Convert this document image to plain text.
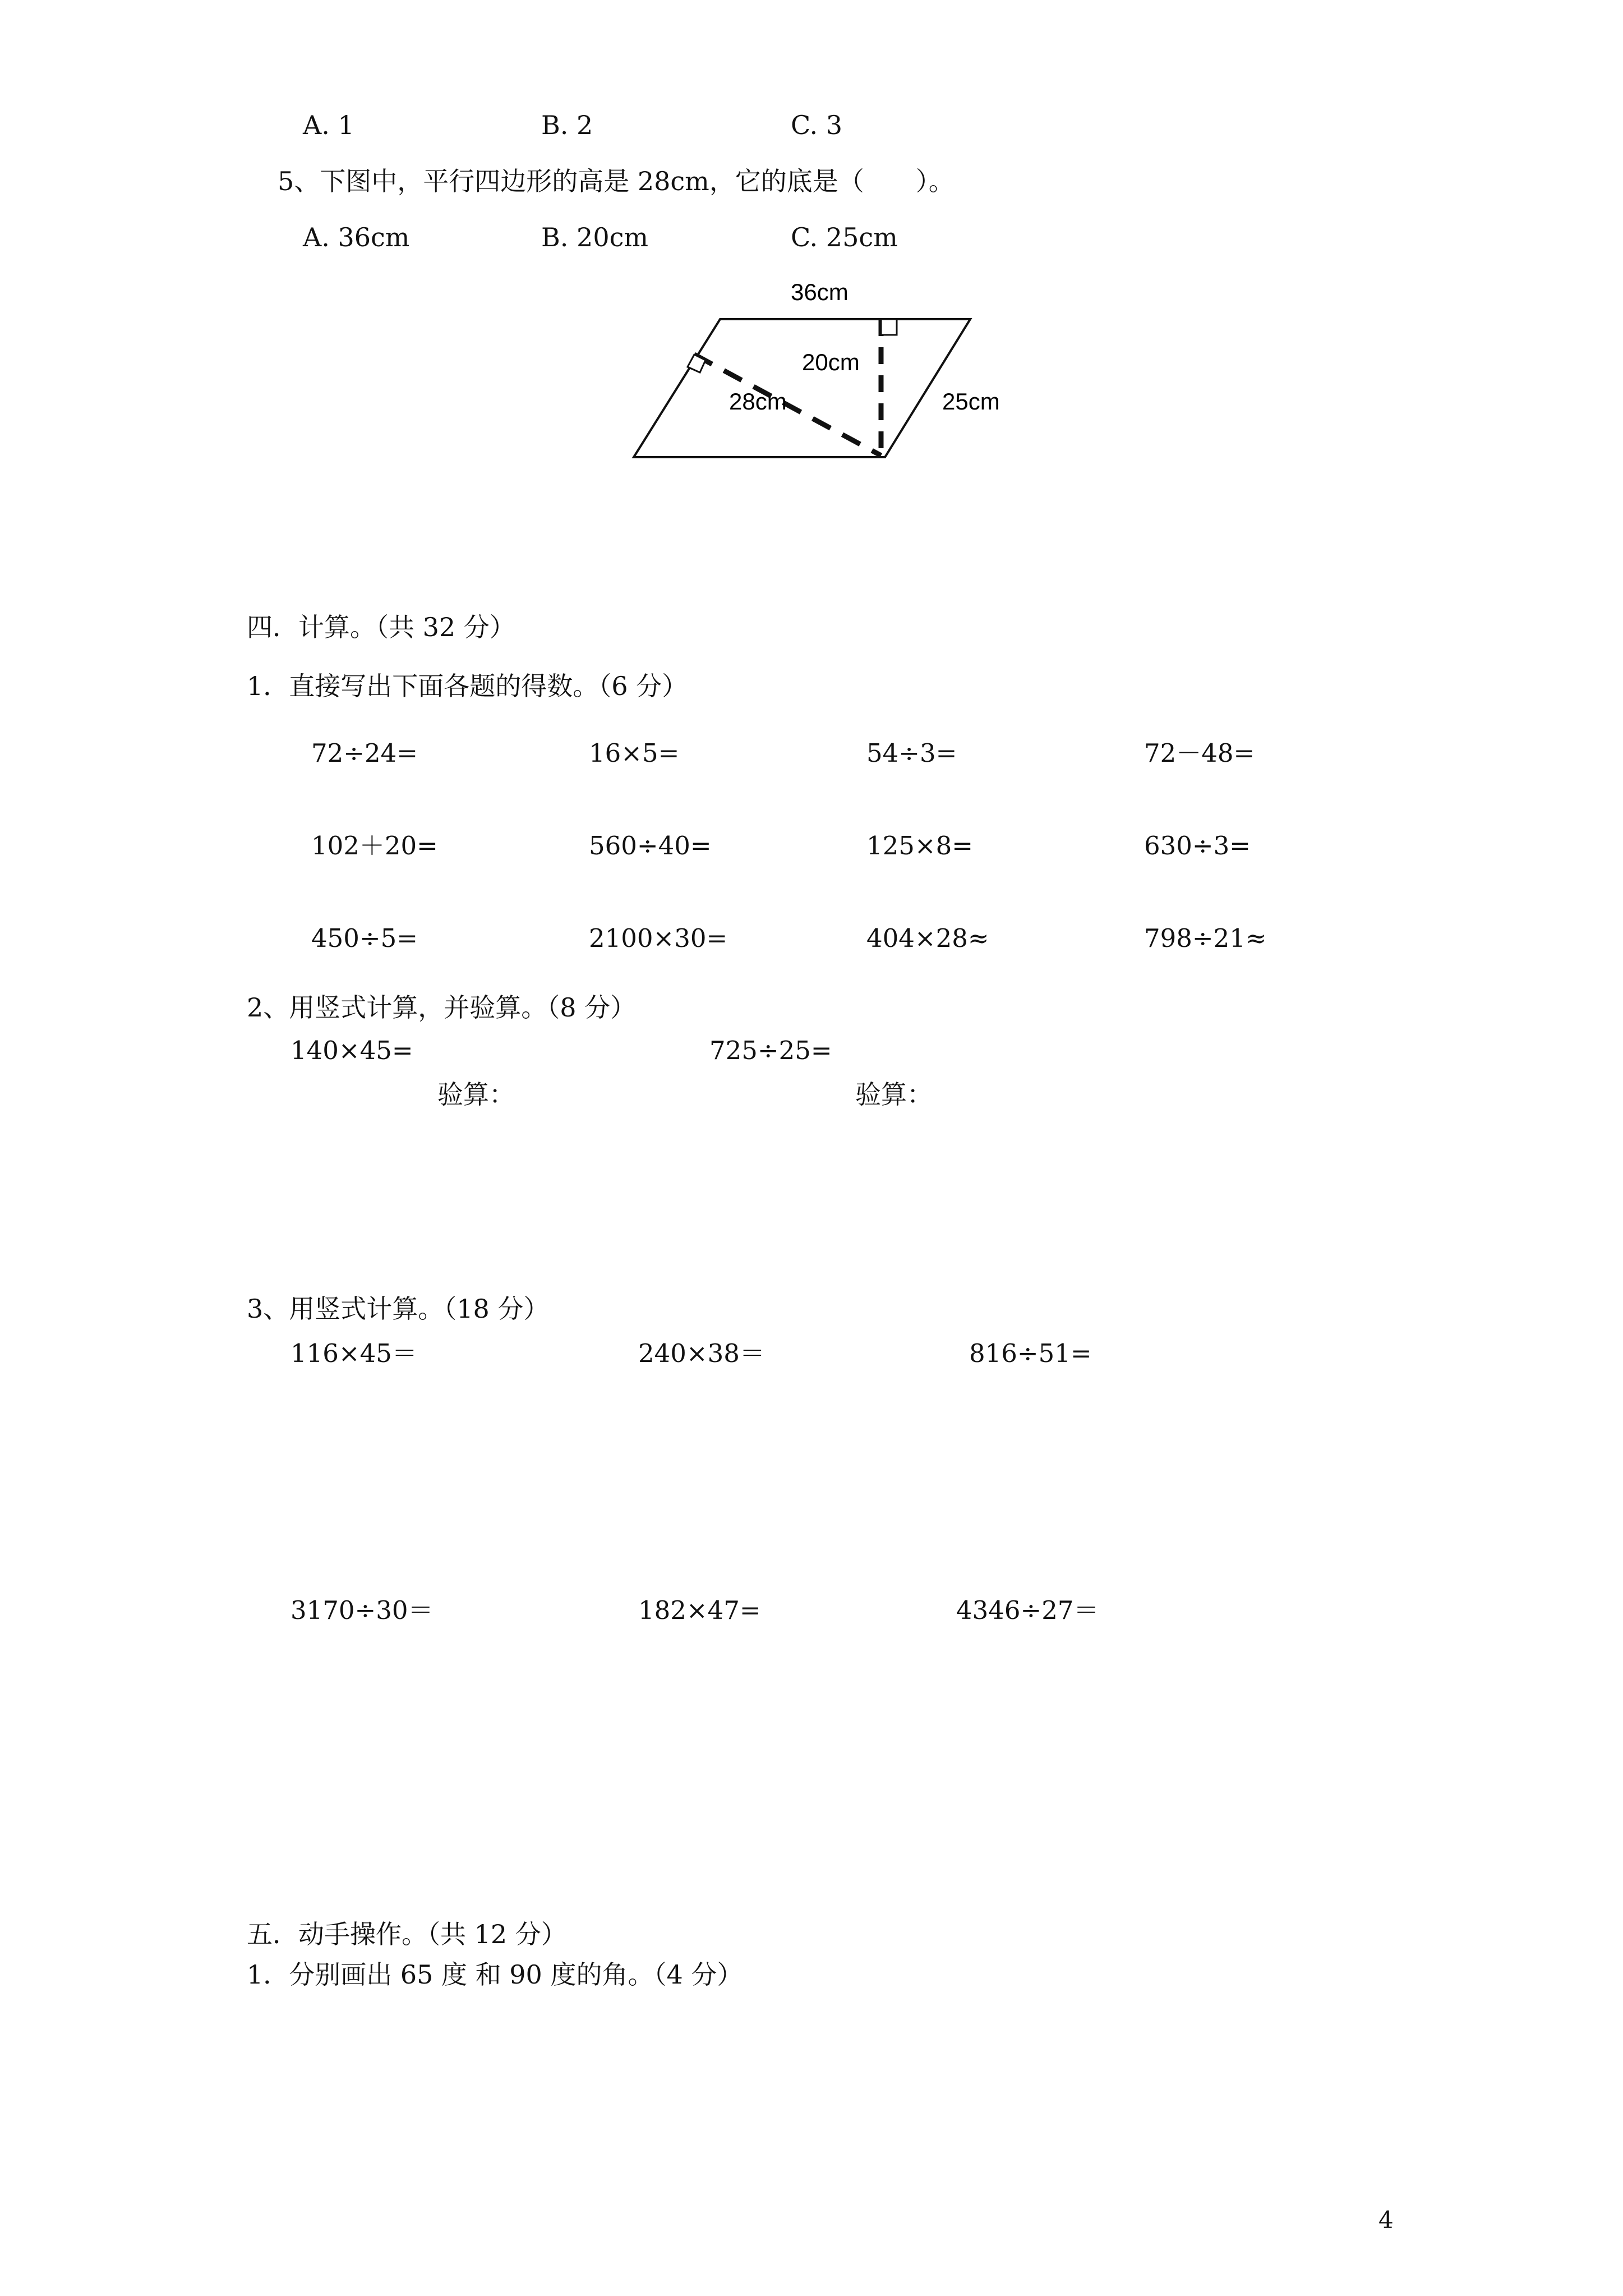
A. 1	B. 2	C. 3
5、下图中，平行四边形的高是 28cm，它的底是（　　）。
A. 36cm	B. 20cm	C. 25cm
36cm
20cm
28cm	25cm
四．计算。（共 32 分）
1．直接写出下面各题的得数。（6 分）
72÷24=	16×5=	54÷3=	72－48=
102＋20=	560÷40=	125×8=	630÷3=
450÷5=	2100×30=	404×28≈	798÷21≈
2、用竖式计算，并验算。（8 分）
140×45=	725÷25=
验算：	验算：
3、用竖式计算。（18 分）
116×45＝	240×38＝	816÷51=
3170÷30＝	182×47=	4346÷27＝
五．动手操作。（共 12 分）
1．分别画出 65 度 和 90 度的角。（4 分）
4
